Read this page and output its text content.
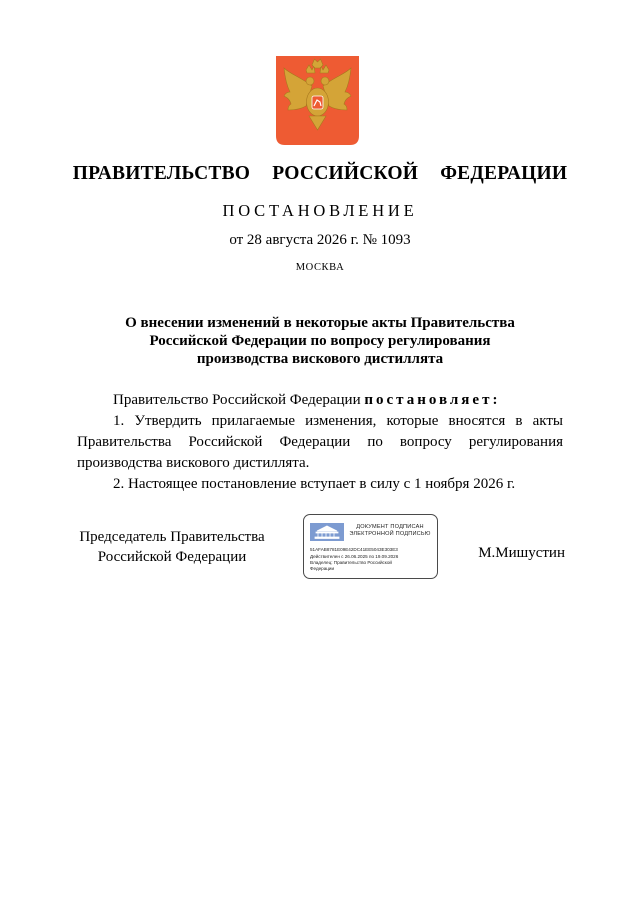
ПРАВИТЕЛЬСТВО  РОССИЙСКОЙ  ФЕДЕРАЦИИ
ПОСТАНОВЛЕНИЕ
от 28 августа 2026 г. № 1093
МОСКВА
О внесении изменений в некоторые акты Правительства
Российской Федерации по вопросу регулирования
производства вискового дистиллята

Правительство Российской Федерации постановляет:

1. Утвердить прилагаемые изменения, которые вносятся в акты Правительства Российской Федерации по вопросу регулирования производства вискового дистиллята.

2. Настоящее постановление вступает в силу с 1 ноября 2026 г.

Председатель Правительства
Российской Федерации
ДОКУМЕНТ ПОДПИСАН
ЭЛЕКТРОННОЙ ПОДПИСЬЮ
51AFAB8781E09E42DC41EE5043E303E3
Действителен с 26.06.2025 по 19.09.2026
Владелец: Правительство Российской
Федерации
М.Мишустин
